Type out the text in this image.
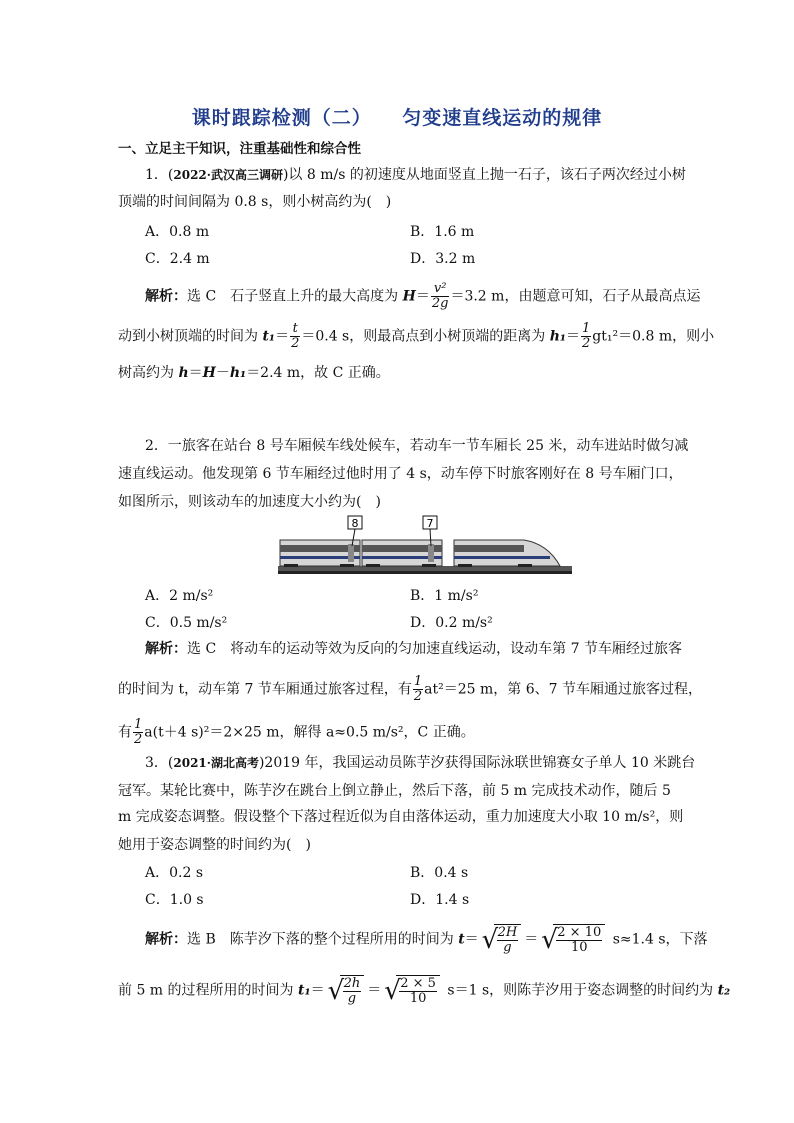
课时跟踪检测（二）    匀变速直线运动的规律
一、立足主干知识，注重基础性和综合性
1．(2022·武汉高三调研)以 8 m/s 的初速度从地面竖直上抛一石子，该石子两次经过小树
顶端的时间间隔为 0.8 s，则小树高约为(　)
A．0.8 m	B．1.6 m
C．2.4 m	D．3.2 m
解析：选 C　石子竖直上升的最大高度为 $H= \frac{\text{v²}}{2g} =3.2$ m，由题意可知，石子从最高点运
动到小树顶端的时间为 $t_1= \frac{t}{2} =0.4$ s，则最高点到小树顶端的距离为 $h_1= \frac{1}{2} gt_1^2=0.8$ m，则小
树高约为 h＝H－h₁＝2.4 m，故 C 正确。
2．一旅客在站台 8 号车厢候车线处候车，若动车一节车厢长 25 米，动车进站时做匀减
速直线运动。他发现第 6 节车厢经过他时用了 4 s，动车停下时旅客刚好在 8 号车厢门口，
如图所示，则该动车的加速度大小约为(　)
8	7
A．2 m/s²	B．1 m/s²
C．0.5 m/s²	D．0.2 m/s²
解析：选 C　将动车的运动等效为反向的匀加速直线运动，设动车第 7 节车厢经过旅客
的时间为 t，动车第 7 节车厢通过旅客过程，有 $\frac{1}{2} at^2=25$ m，第 6、7 节车厢通过旅客过程，
有 $\frac{1}{2} a(t+4$ s)²＝2×25 m，解得 a≈0.5 m/s²，C 正确。
3．(2021·湖北高考)2019 年，我国运动员陈芋汐获得国际泳联世锦赛女子单人 10 米跳台
冠军。某轮比赛中，陈芋汐在跳台上倒立静止，然后下落，前 5 m 完成技术动作，随后 5
m 完成姿态调整。假设整个下落过程近似为自由落体运动，重力加速度大小取 10 m/s²，则
她用于姿态调整的时间约为(　)
A．0.2 s	B．0.4 s
C．1.0 s	D．1.4 s
解析：选 B　陈芋汐下落的整个过程所用的时间为 t＝ √
$\frac{2H}{g}$ ＝ √
$\frac{2 \times 10}{10} s\approx 1.4$ s，下落
前 5 m 的过程所用的时间为 t₁＝ √
$\frac{2h}{g}$ ＝ √
$\frac{2 \times 5}{10} s=1$ s，则陈芋汐用于姿态调整的时间约为 t₂
